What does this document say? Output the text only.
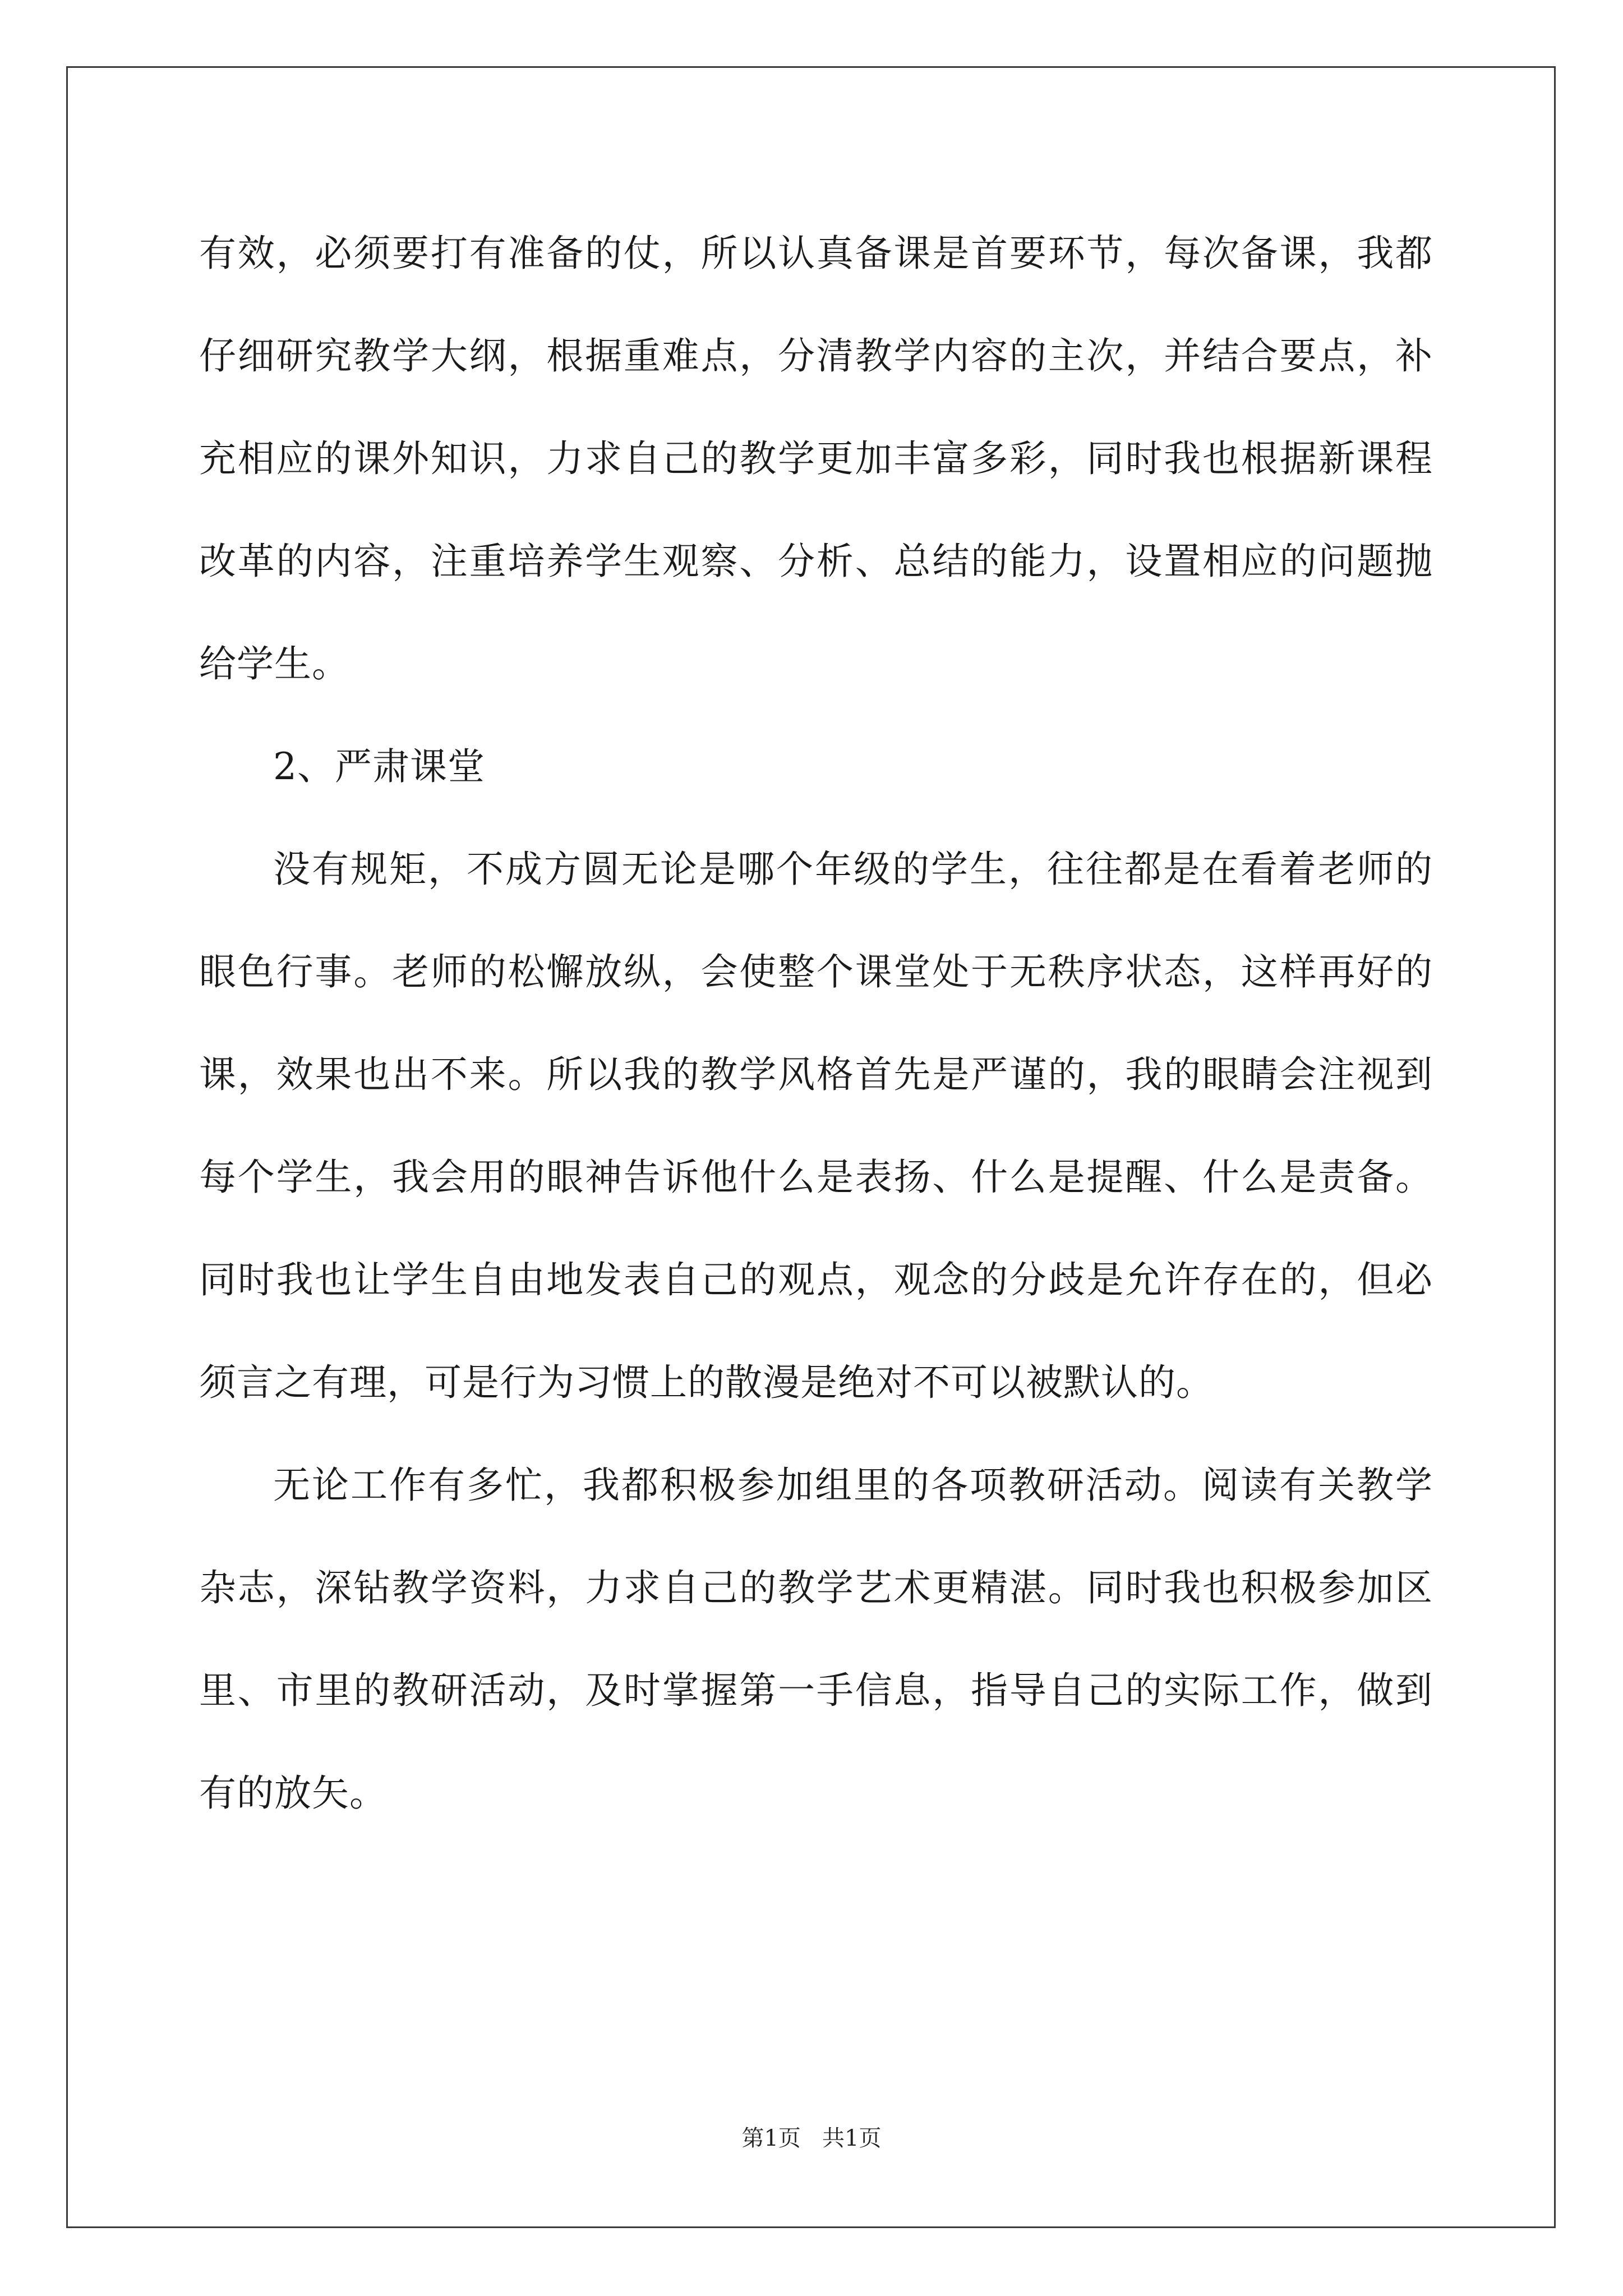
有效，必须要打有准备的仗，所以认真备课是首要环节，每次备课，我都仔细研究教学大纲，根据重难点，分清教学内容的主次，并结合要点，补充相应的课外知识，力求自己的教学更加丰富多彩，同时我也根据新课程改革的内容，注重培养学生观察、分析、总结的能力，设置相应的问题抛给学生。

2、严肃课堂

没有规矩，不成方圆无论是哪个年级的学生，往往都是在看着老师的眼色行事。老师的松懈放纵，会使整个课堂处于无秩序状态，这样再好的课，效果也出不来。所以我的教学风格首先是严谨的，我的眼睛会注视到每个学生，我会用的眼神告诉他什么是表扬、什么是提醒、什么是责备。同时我也让学生自由地发表自己的观点，观念的分歧是允许存在的，但必须言之有理，可是行为习惯上的散漫是绝对不可以被默认的。

无论工作有多忙，我都积极参加组里的各项教研活动。阅读有关教学杂志，深钻教学资料，力求自己的教学艺术更精湛。同时我也积极参加区里、市里的教研活动，及时掌握第一手信息，指导自己的实际工作，做到有的放矢。

第1页   共1页
